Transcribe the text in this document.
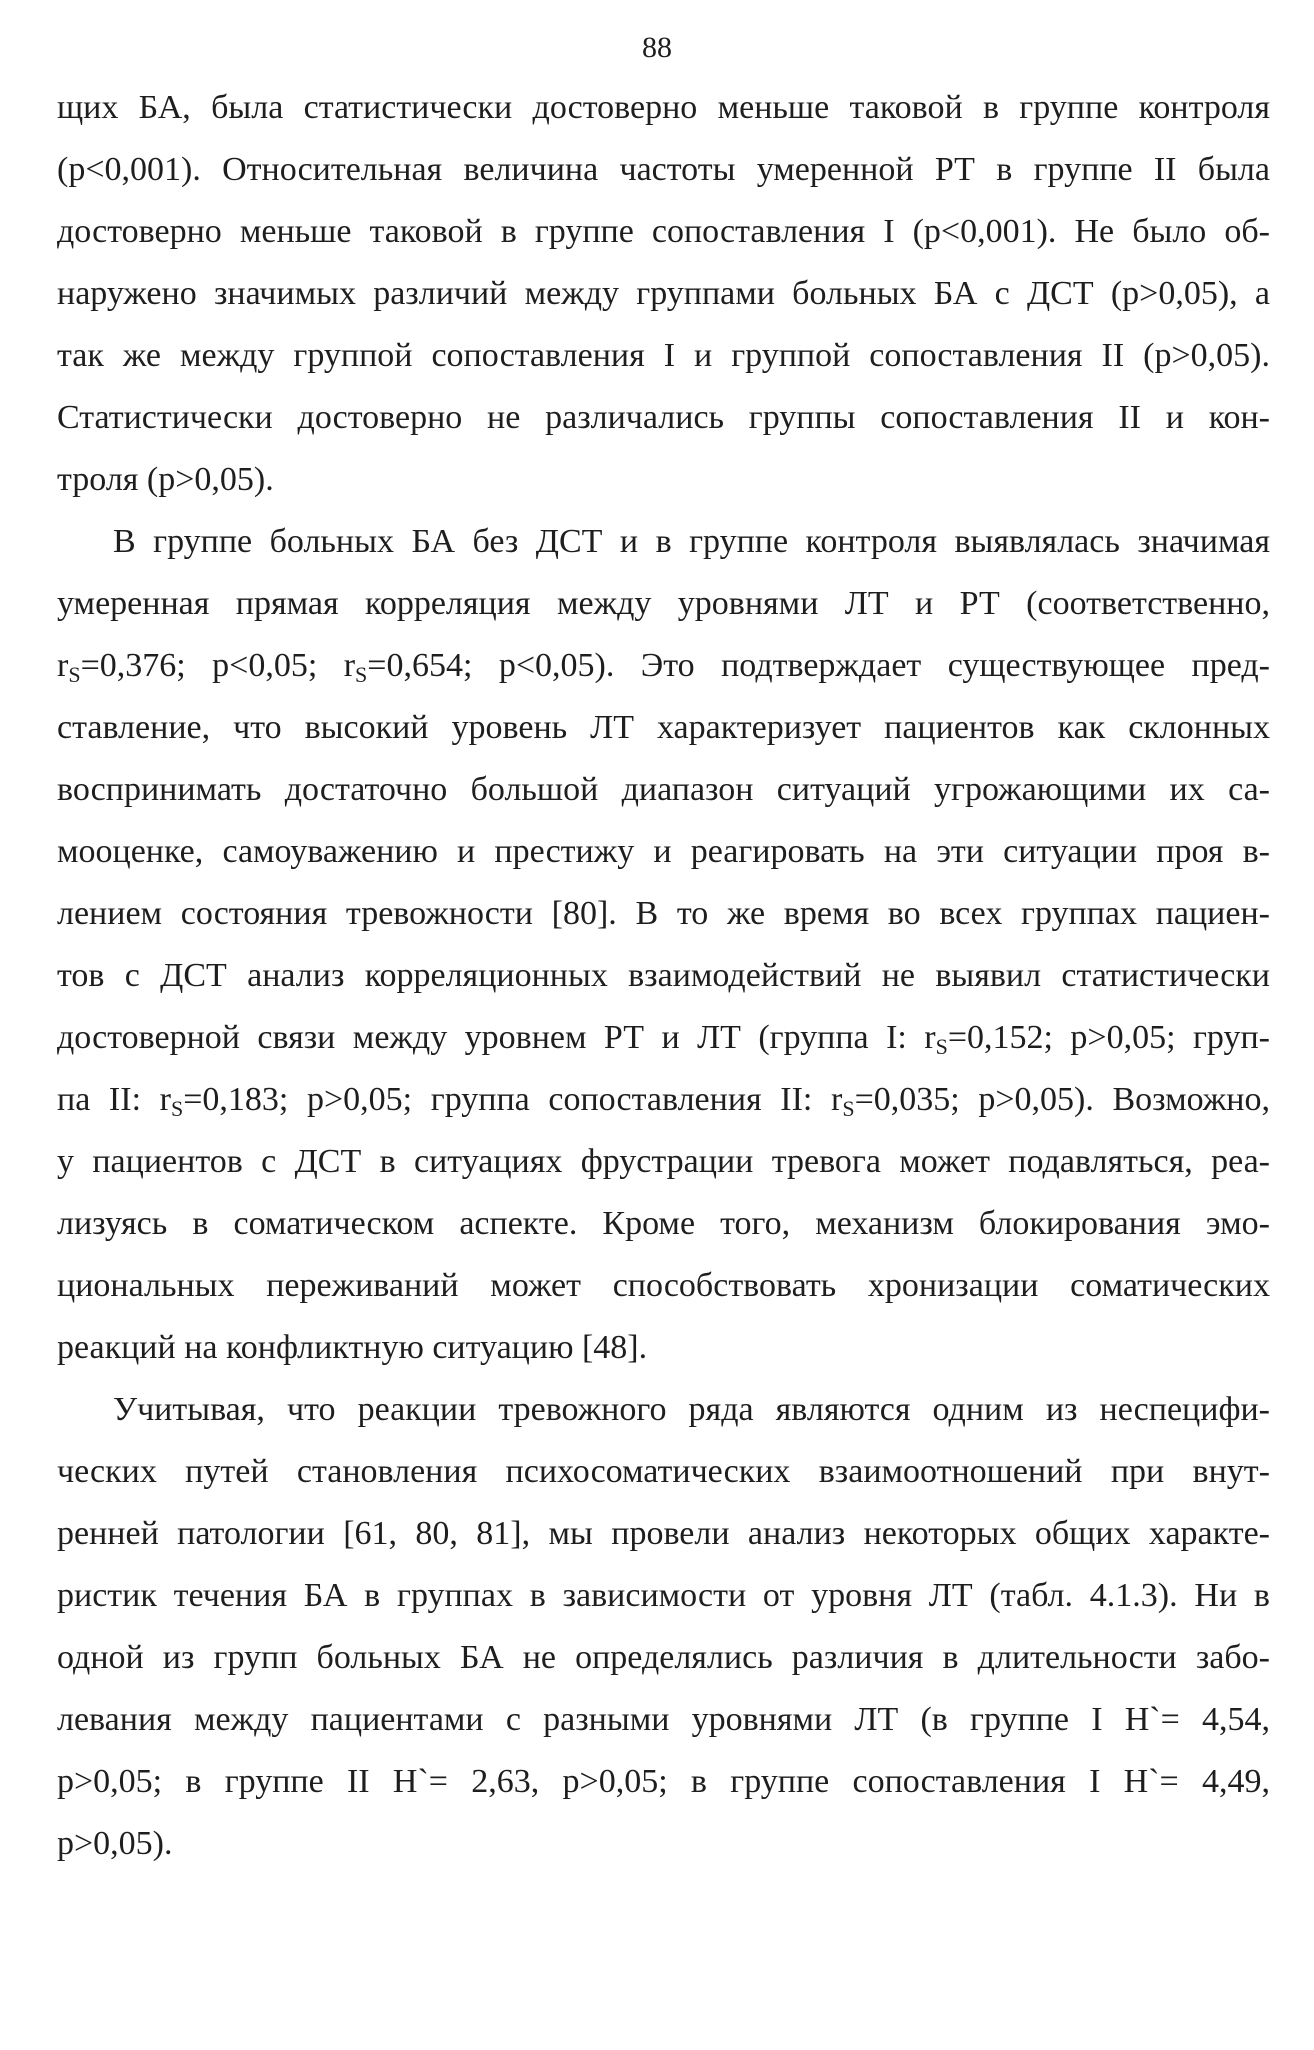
88
щих БА, была статистически достоверно меньше таковой в группе контроля
(p<0,001). Относительная величина частоты умеренной РТ в группе II была
достоверно меньше таковой в группе сопоставления I (p<0,001). Не было об-
наружено значимых различий между группами больных БА с ДСТ (p>0,05), а
так же между группой сопоставления I и группой сопоставления II (p>0,05).
Статистически достоверно не различались группы сопоставления II и кон-
троля (p>0,05).
В группе больных БА без ДСТ и в группе контроля выявлялась значимая
умеренная прямая корреляция между уровнями ЛТ и РТ (соответственно,
$r_S=0,376$; p<0,05; $r_S=0,654$; p<0,05). Это подтверждает существующее пред-
ставление, что высокий уровень ЛТ характеризует пациентов как склонных
воспринимать достаточно большой диапазон ситуаций угрожающими их са-
мооценке, самоуважению и престижу и реагировать на эти ситуации проя в-
лением состояния тревожности [80]. В то же время во всех группах пациен-
тов с ДСТ анализ корреляционных взаимодействий не выявил статистически
достоверной связи между уровнем РТ и ЛТ (группа I: $r_S=0,152$; p>0,05; груп-
па II: $r_S=0,183$; p>0,05; группа сопоставления II: $r_S=0,035$; p>0,05). Возможно,
у пациентов с ДСТ в ситуациях фрустрации тревога может подавляться, реа-
лизуясь в соматическом аспекте. Кроме того, механизм блокирования эмо-
циональных переживаний может способствовать хронизации соматических
реакций на конфликтную ситуацию [48].
Учитывая, что реакции тревожного ряда являются одним из неспецифи-
ческих путей становления психосоматических взаимоотношений при внут-
ренней патологии [61, 80, 81], мы провели анализ некоторых общих характе-
ристик течения БА в группах в зависимости от уровня ЛТ (табл. 4.1.3). Ни в
одной из групп больных БА не определялись различия в длительности забо-
левания между пациентами с разными уровнями ЛТ (в группе I Н`= 4,54,
p>0,05; в группе II Н`= 2,63, p>0,05; в группе сопоставления I Н`= 4,49,
p>0,05).
